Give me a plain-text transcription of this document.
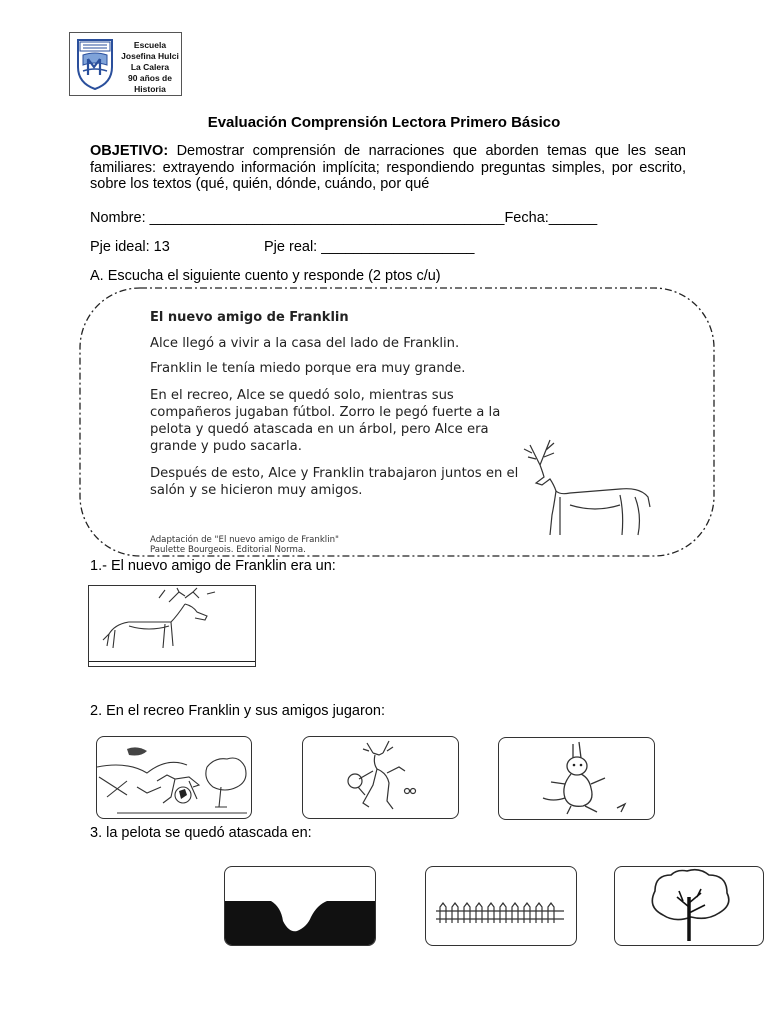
Escuela
Josefina Hulci
La Calera
90 años de Historia
Evaluación Comprensión Lectora Primero Básico
OBJETIVO: Demostrar comprensión de narraciones que aborden temas que les sean familiares: extrayendo información implícita; respondiendo preguntas simples, por escrito, sobre los textos (qué, quién, dónde, cuándo, por qué
Nombre: ____________________________________________Fecha:______
Pje ideal: 13	Pje real: ___________________
A. Escucha el siguiente cuento y responde (2 ptos c/u)
El nuevo amigo de Franklin

Alce llegó a vivir a la casa del lado de Franklin.

Franklin le tenía miedo porque era muy grande.

En el recreo, Alce se quedó solo, mientras sus compañeros jugaban fútbol. Zorro le pegó fuerte a la pelota y quedó atascada en un árbol, pero Alce era grande y pudo sacarla.

Después de esto, Alce y Franklin trabajaron juntos en el salón y se hicieron muy amigos.

Adaptación de "El nuevo amigo de Franklin"
Paulette Bourgeois. Editorial Norma.
1.- El nuevo amigo de Franklin era un:
2. En el recreo Franklin y sus amigos jugaron:
3. la pelota se quedó atascada en:
